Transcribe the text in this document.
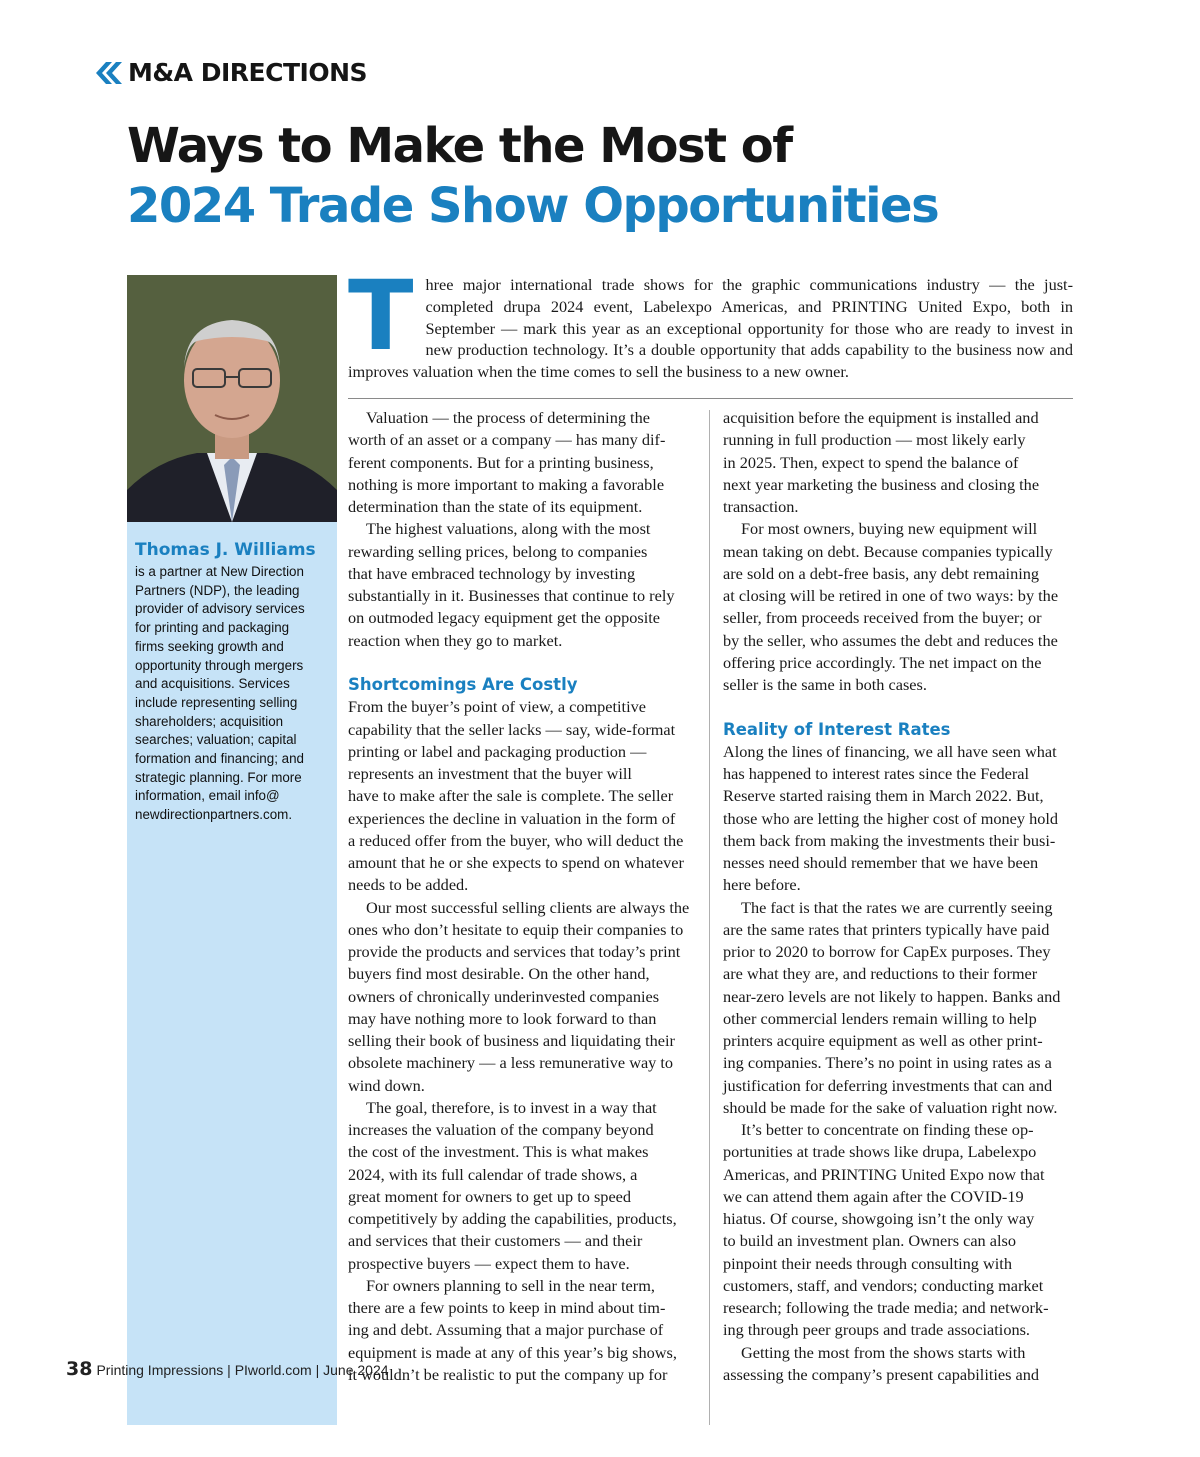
M&A DIRECTIONS
Ways to Make the Most of
2024 Trade Show Opportunities
Thomas J. Williams
is a partner at New Direction
Partners (NDP), the leading
provider of advisory services
for printing and packaging
firms seeking growth and
opportunity through mergers
and acquisitions. Services
include representing selling
shareholders; acquisition
searches; valuation; capital
formation and financing; and
strategic planning. For more
information, email info@
newdirectionpartners.com.
T hree major international trade shows for the graphic communications industry — the just-completed drupa 2024 event, Labelexpo Americas, and PRINTING United Expo, both in September — mark this year as an exceptional opportunity for those who are ready to invest in new production technology. It’s a double opportunity that adds capability to the business now and improves valuation when the time comes to sell the business to a new owner.
Valuation — the process of determining the
worth of an asset or a company — has many dif-
ferent components. But for a printing business,
nothing is more important to making a favorable
determination than the state of its equipment.
The highest valuations, along with the most
rewarding selling prices, belong to companies
that have embraced technology by investing
substantially in it. Businesses that continue to rely
on outmoded legacy equipment get the opposite
reaction when they go to market.
Shortcomings Are Costly
From the buyer’s point of view, a competitive
capability that the seller lacks — say, wide-format
printing or label and packaging production —
represents an investment that the buyer will
have to make after the sale is complete. The seller
experiences the decline in valuation in the form of
a reduced offer from the buyer, who will deduct the
amount that he or she expects to spend on whatever
needs to be added.
Our most successful selling clients are always the
ones who don’t hesitate to equip their companies to
provide the products and services that today’s print
buyers find most desirable. On the other hand,
owners of chronically underinvested companies
may have nothing more to look forward to than
selling their book of business and liquidating their
obsolete machinery — a less remunerative way to
wind down.
The goal, therefore, is to invest in a way that
increases the valuation of the company beyond
the cost of the investment. This is what makes
2024, with its full calendar of trade shows, a
great moment for owners to get up to speed
competitively by adding the capabilities, products,
and services that their customers — and their
prospective buyers — expect them to have.
For owners planning to sell in the near term,
there are a few points to keep in mind about tim-
ing and debt. Assuming that a major purchase of
equipment is made at any of this year’s big shows,
it wouldn’t be realistic to put the company up for
acquisition before the equipment is installed and
running in full production — most likely early
in 2025. Then, expect to spend the balance of
next year marketing the business and closing the
transaction.
For most owners, buying new equipment will
mean taking on debt. Because companies typically
are sold on a debt-free basis, any debt remaining
at closing will be retired in one of two ways: by the
seller, from proceeds received from the buyer; or
by the seller, who assumes the debt and reduces the
offering price accordingly. The net impact on the
seller is the same in both cases.
Reality of Interest Rates
Along the lines of financing, we all have seen what
has happened to interest rates since the Federal
Reserve started raising them in March 2022. But,
those who are letting the higher cost of money hold
them back from making the investments their busi-
nesses need should remember that we have been
here before.
The fact is that the rates we are currently seeing
are the same rates that printers typically have paid
prior to 2020 to borrow for CapEx purposes. They
are what they are, and reductions to their former
near-zero levels are not likely to happen. Banks and
other commercial lenders remain willing to help
printers acquire equipment as well as other print-
ing companies. There’s no point in using rates as a
justification for deferring investments that can and
should be made for the sake of valuation right now.
It’s better to concentrate on finding these op-
portunities at trade shows like drupa, Labelexpo
Americas, and PRINTING United Expo now that
we can attend them again after the COVID-19
hiatus. Of course, showgoing isn’t the only way
to build an investment plan. Owners can also
pinpoint their needs through consulting with
customers, staff, and vendors; conducting market
research; following the trade media; and network-
ing through peer groups and trade associations.
Getting the most from the shows starts with
assessing the company’s present capabilities and
38 Printing Impressions | PIworld.com | June 2024
